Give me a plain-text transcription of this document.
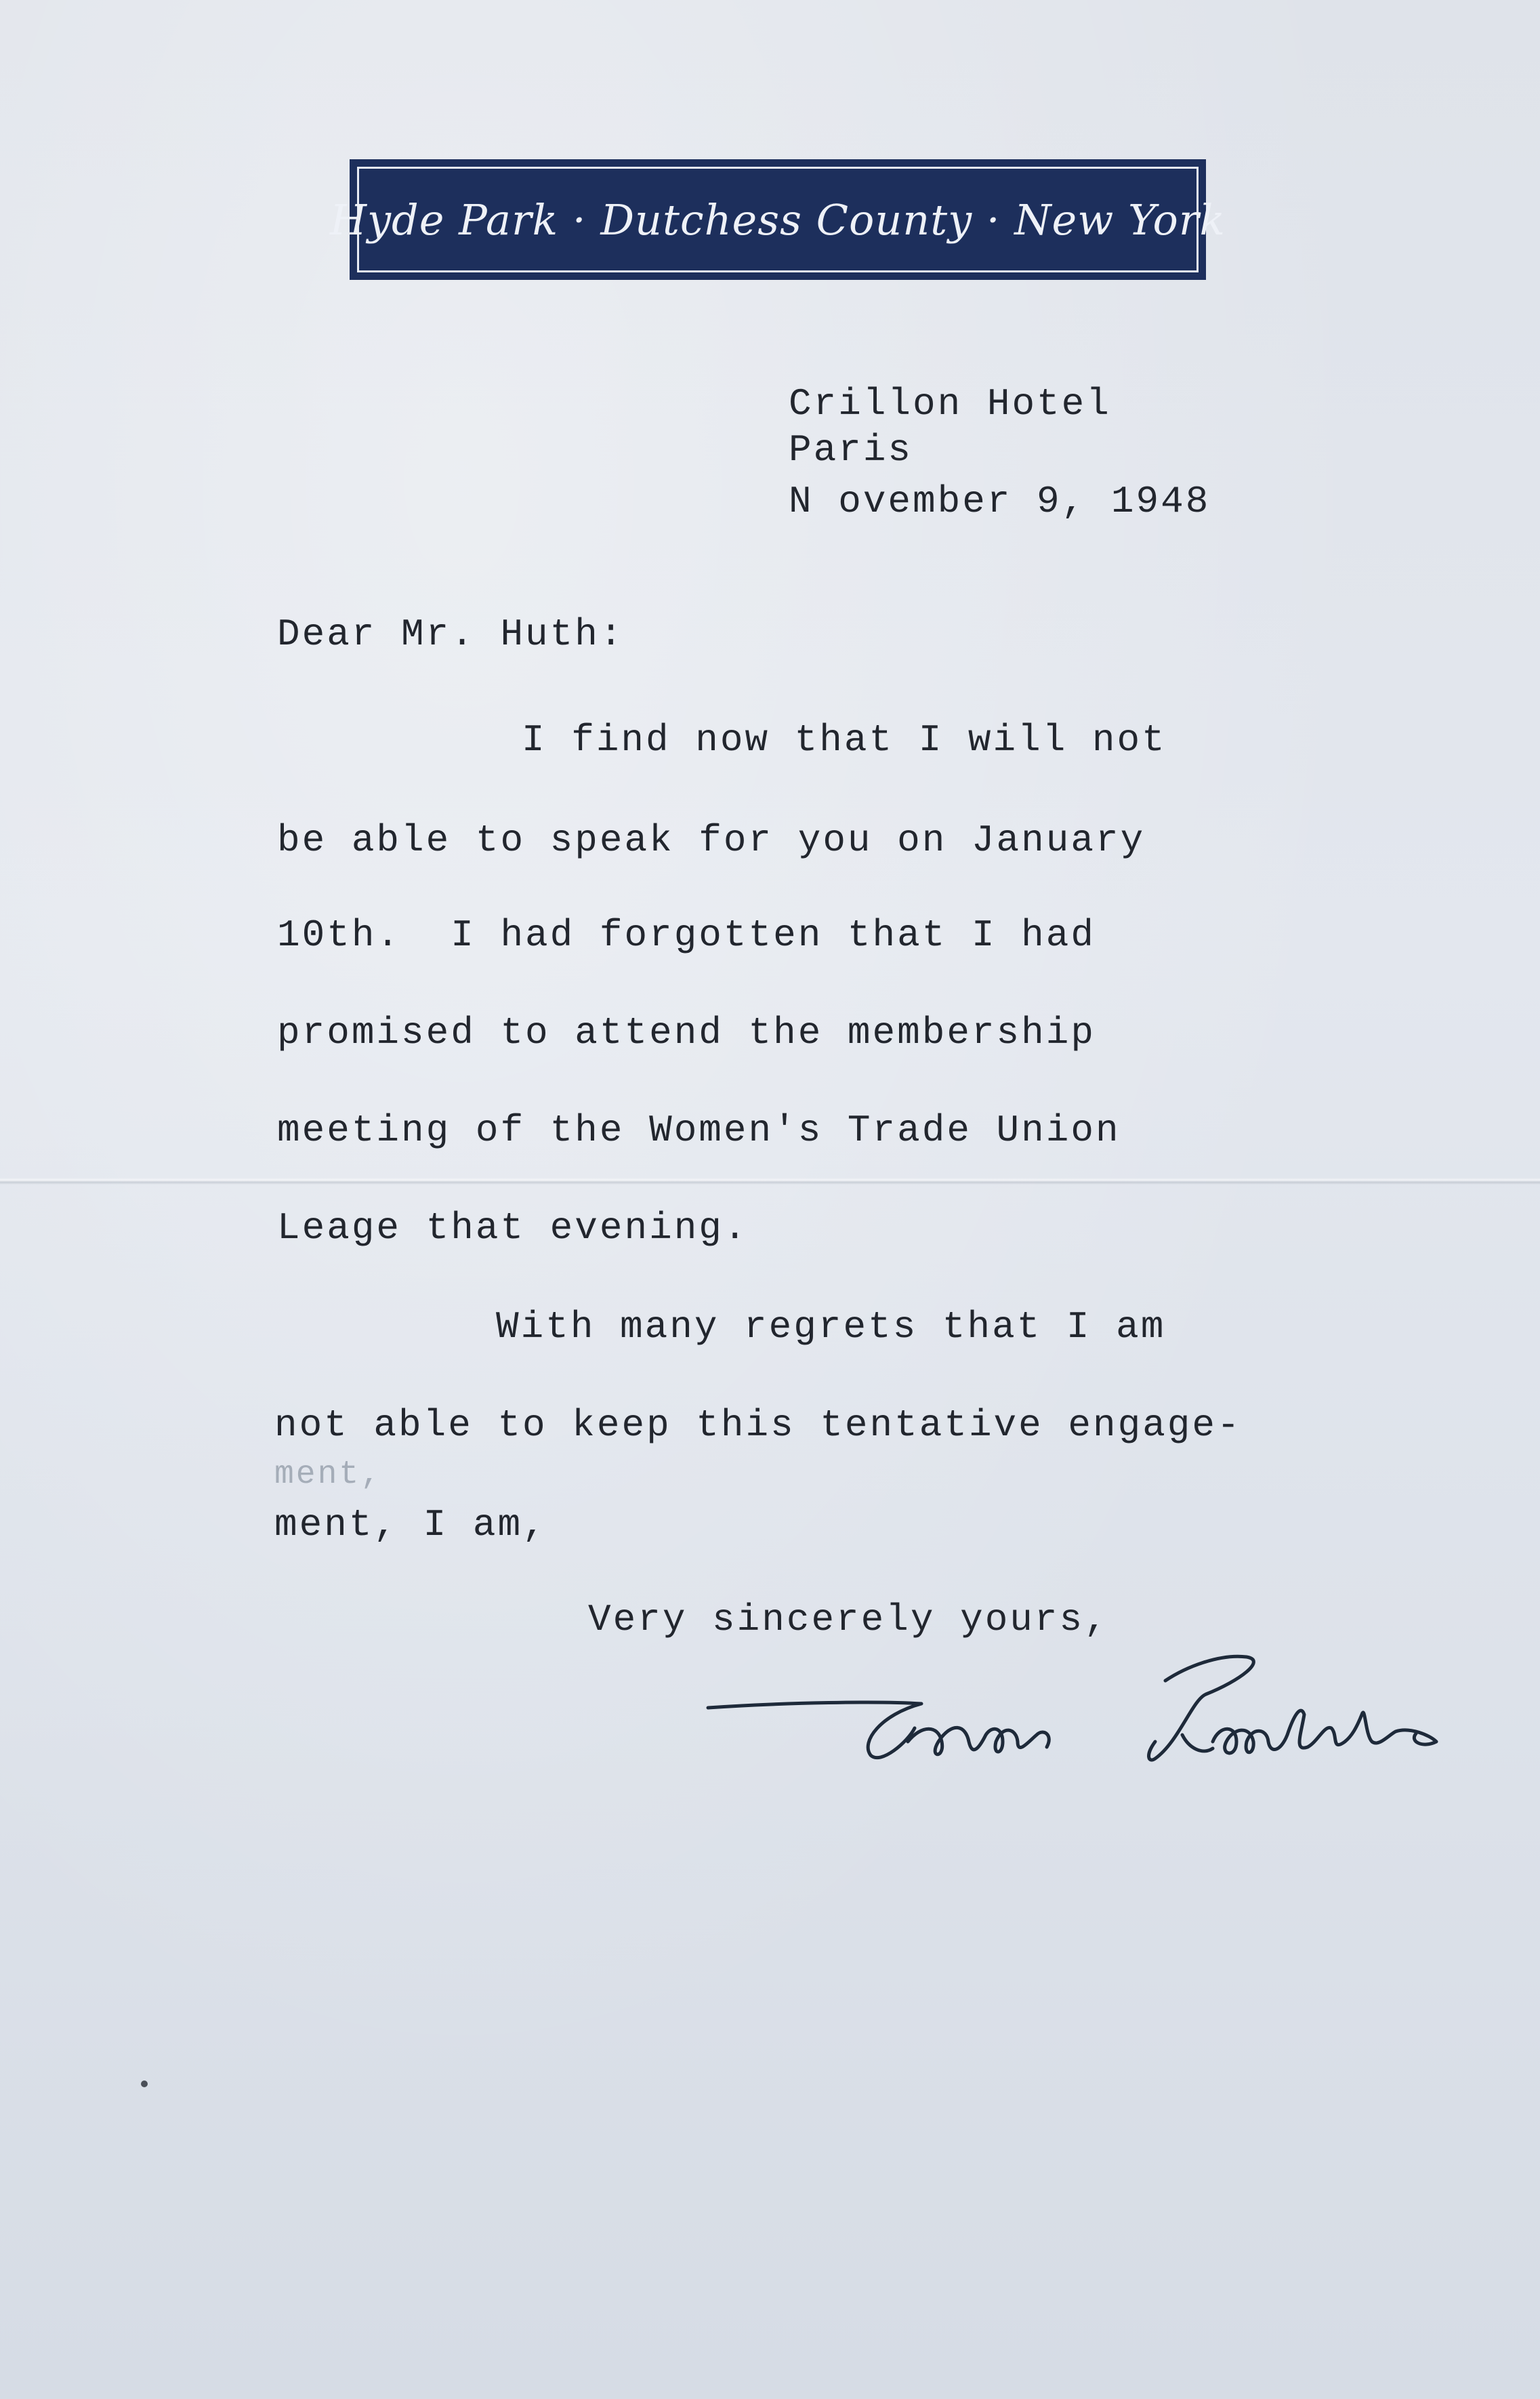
Hyde Park · Dutchess County · New York
Crillon Hotel
Paris
N ovember 9, 1948
Dear Mr. Huth:
I find now that I will not
be able to speak for you on January
10th.  I had forgotten that I had
promised to attend the membership
meeting of the Women's Trade Union
Leage that evening.
With many regrets that I am
not able to keep this tentative engage-
ment,
ment, I am,
Very sincerely yours,
